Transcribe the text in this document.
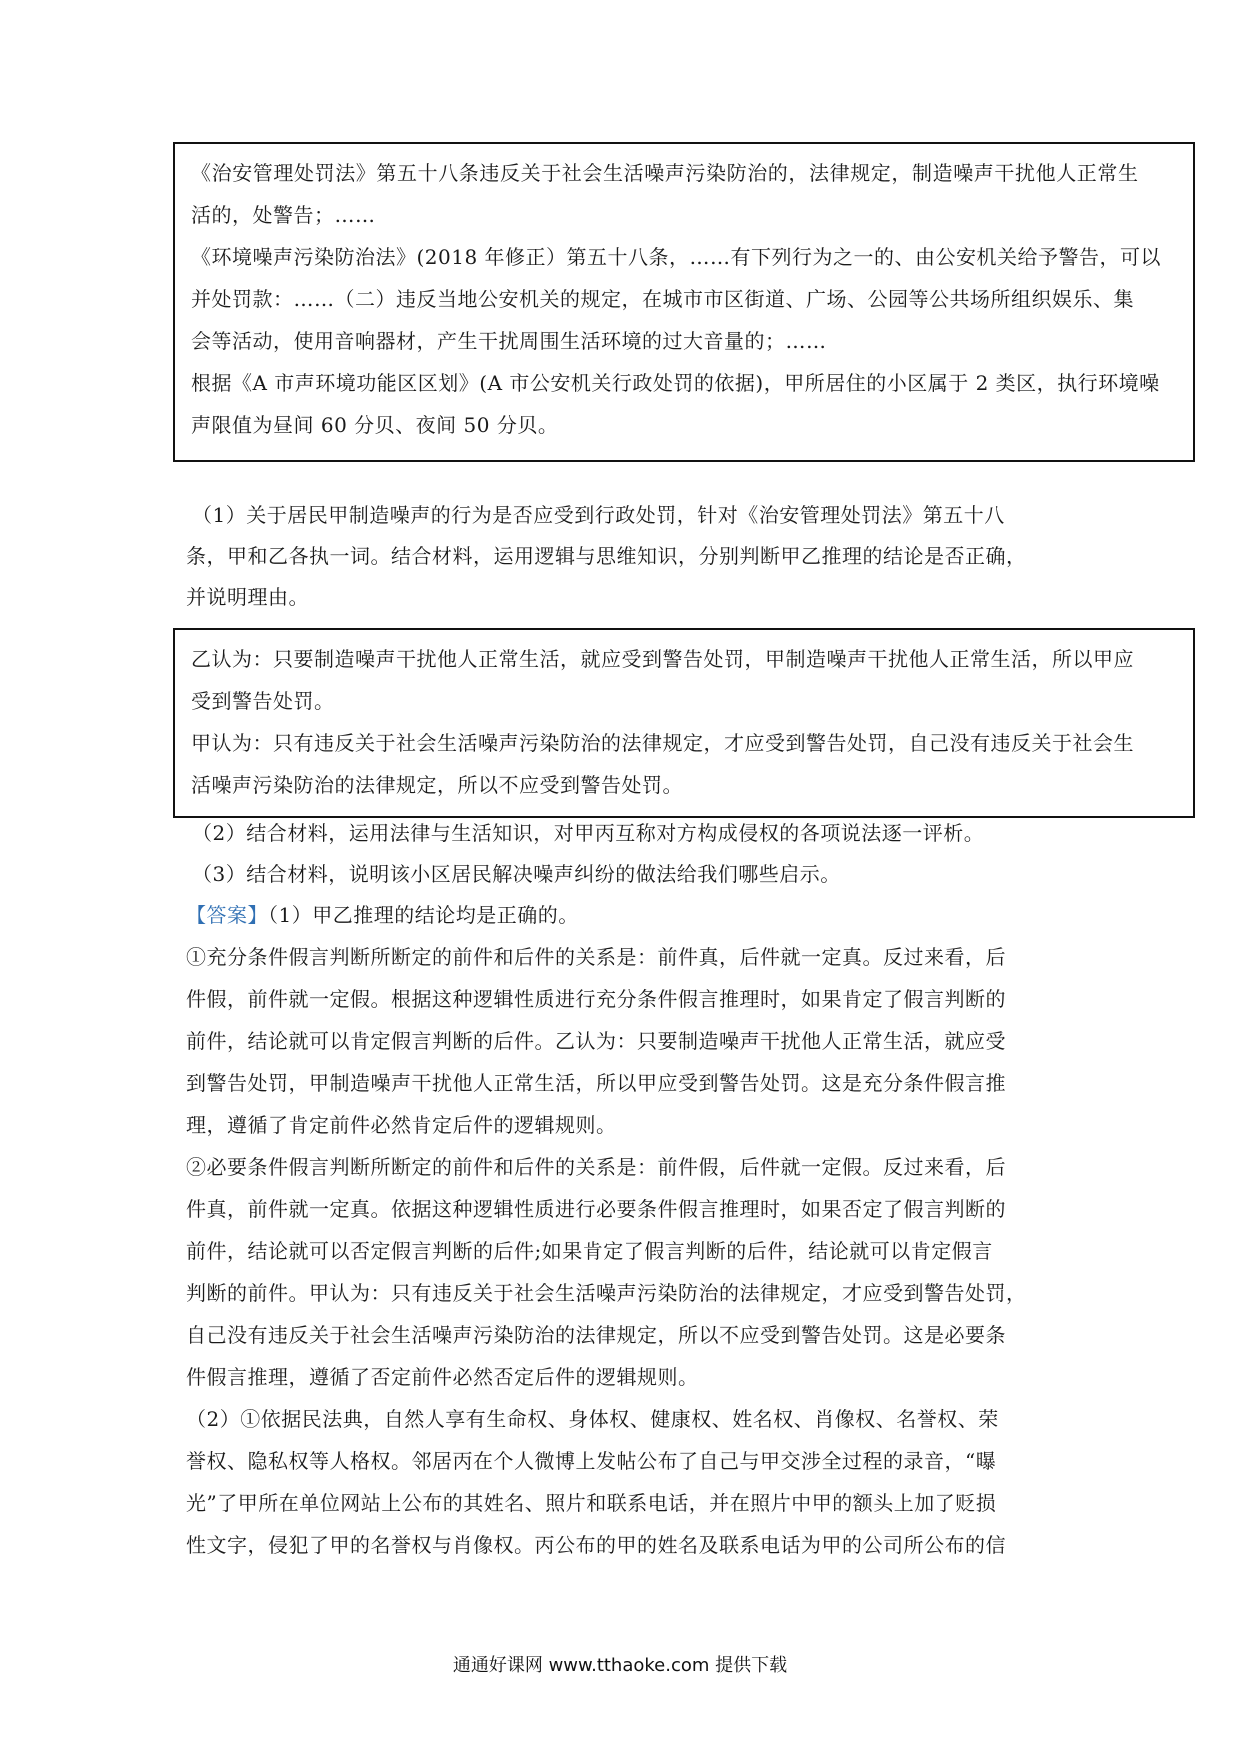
《治安管理处罚法》第五十八条违反关于社会生活噪声污染防治的，法律规定，制造噪声干扰他人正常生

活的，处警告；……

《环境噪声污染防治法》(2018 年修正）第五十八条，……有下列行为之一的、由公安机关给予警告，可以

并处罚款：……（二）违反当地公安机关的规定，在城市市区街道、广场、公园等公共场所组织娱乐、集

会等活动，使用音响器材，产生干扰周围生活环境的过大音量的；……

根据《A 市声环境功能区区划》(A 市公安机关行政处罚的依据)，甲所居住的小区属于 2 类区，执行环境噪

声限值为昼间 60 分贝、夜间 50 分贝。

（1）关于居民甲制造噪声的行为是否应受到行政处罚，针对《治安管理处罚法》第五十八

条，甲和乙各执一词。结合材料，运用逻辑与思维知识，分别判断甲乙推理的结论是否正确，

并说明理由。

乙认为：只要制造噪声干扰他人正常生活，就应受到警告处罚，甲制造噪声干扰他人正常生活，所以甲应

受到警告处罚。

甲认为：只有违反关于社会生活噪声污染防治的法律规定，才应受到警告处罚，自己没有违反关于社会生

活噪声污染防治的法律规定，所以不应受到警告处罚。

（2）结合材料，运用法律与生活知识，对甲丙互称对方构成侵权的各项说法逐一评析。

（3）结合材料，说明该小区居民解决噪声纠纷的做法给我们哪些启示。

【答案】（1）甲乙推理的结论均是正确的。

①充分条件假言判断所断定的前件和后件的关系是：前件真，后件就一定真。反过来看，后

件假，前件就一定假。根据这种逻辑性质进行充分条件假言推理时，如果肯定了假言判断的

前件，结论就可以肯定假言判断的后件。乙认为：只要制造噪声干扰他人正常生活，就应受

到警告处罚，甲制造噪声干扰他人正常生活，所以甲应受到警告处罚。这是充分条件假言推

理，遵循了肯定前件必然肯定后件的逻辑规则。

②必要条件假言判断所断定的前件和后件的关系是：前件假，后件就一定假。反过来看，后

件真，前件就一定真。依据这种逻辑性质进行必要条件假言推理时，如果否定了假言判断的

前件，结论就可以否定假言判断的后件;如果肯定了假言判断的后件，结论就可以肯定假言

判断的前件。甲认为：只有违反关于社会生活噪声污染防治的法律规定，才应受到警告处罚，

自己没有违反关于社会生活噪声污染防治的法律规定，所以不应受到警告处罚。这是必要条

件假言推理，遵循了否定前件必然否定后件的逻辑规则。

（2）①依据民法典，自然人享有生命权、身体权、健康权、姓名权、肖像权、名誉权、荣

誉权、隐私权等人格权。邻居丙在个人微博上发帖公布了自己与甲交涉全过程的录音，“曝

光”了甲所在单位网站上公布的其姓名、照片和联系电话，并在照片中甲的额头上加了贬损

性文字，侵犯了甲的名誉权与肖像权。丙公布的甲的姓名及联系电话为甲的公司所公布的信

通通好课网 www.tthaoke.com 提供下载
